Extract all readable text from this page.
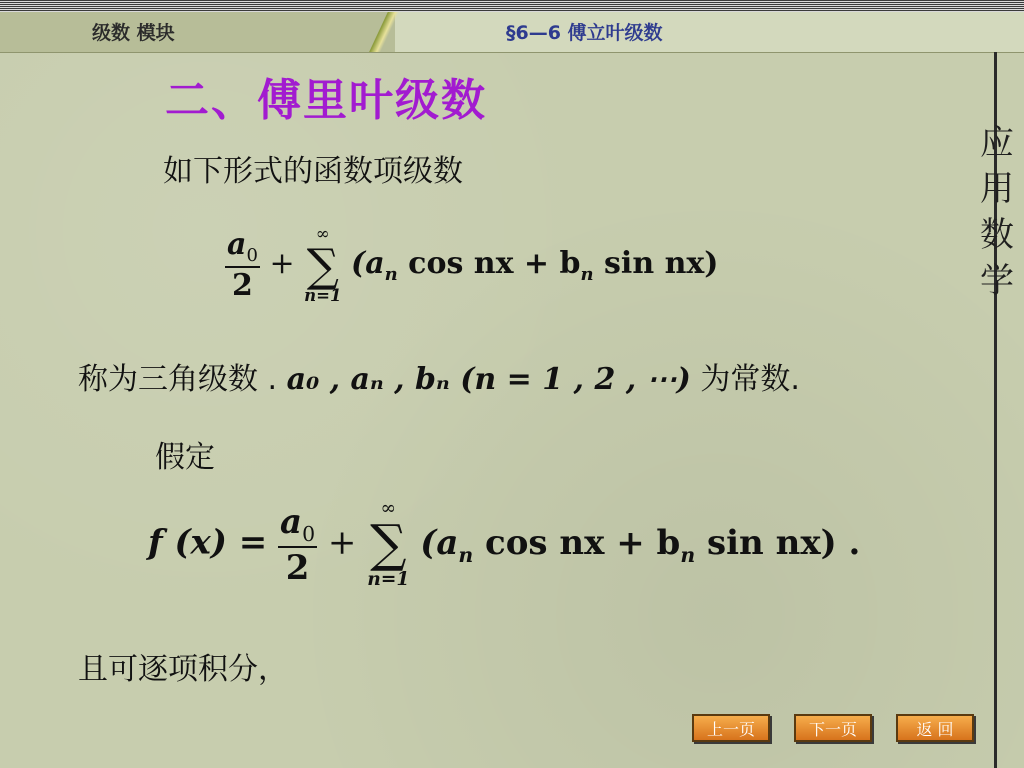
级数 模块	§6—6 傅立叶级数
应
用
数
学
二、傅里叶级数
如下形式的函数项级数
$\frac{a_0}{2}$ +
∞
∑
n=1
($a_n$ cos nx + $b_n$ sin nx)
称为三角级数 . a₀ , aₙ , bₙ (n = 1 , 2 , ⋯) 为常数.
假定
f $(x) = \frac{a_0}{2}$ +
∞
∑
n=1
($a_n$ cos nx + $b_n$ sin nx) .
且可逐项积分，
上一页	下一页	返 回
